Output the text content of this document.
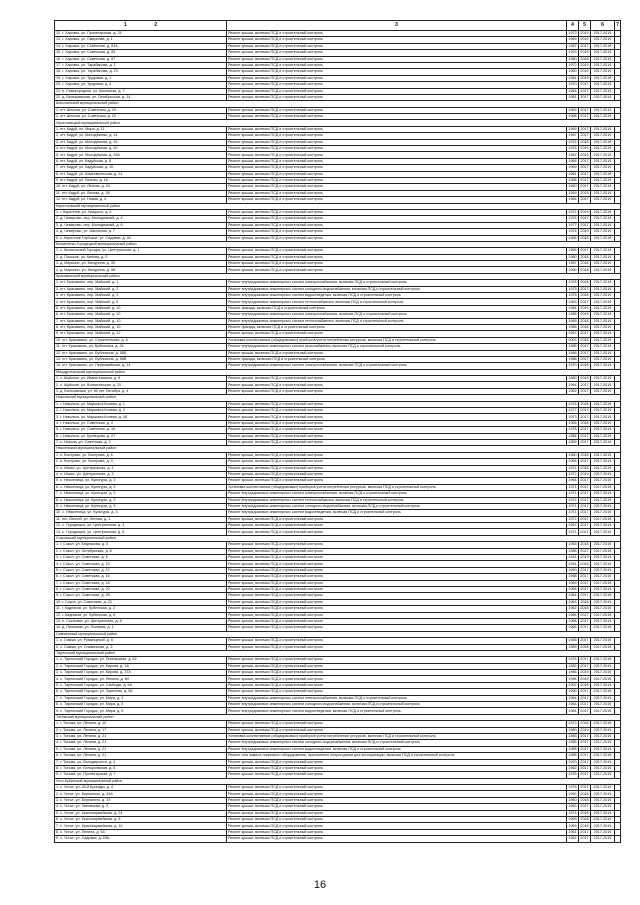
1 2	3	4	5	6	7
12. г. Харовск, ул. Пролетарская, д. 24	Ремонт крыши, включая ПСД и строительный контроль	1972	2019	2017-2019	
13. г. Харовск, ул. Смирнова, д. 1	Ремонт крыши, включая ПСД и строительный контроль	1969	2019	2017-2019	
14. г. Харовск, ул. Советская, д. 53А	Ремонт крыши, включая ПСД и строительный контроль	1987	2017	2017-2019	
15. г. Харовск, ул. Советская, д. 55	Ремонт крыши, включая ПСД и строительный контроль	1929	2019	2017-2019	
16. г. Харовск, ул. Советская, д. 57	Ремонт крыши, включая ПСД и строительный контроль	1980	2018	2017-2019	
17. г. Харовск, ул. Тарабанова, д. 1	Ремонт крыши, включая ПСД и строительный контроль	1972	2019	2017-2019	
18. г. Харовск, ул. Тарабанова, д. 23	Ремонт крыши, включая ПСД и строительный контроль	1960	2019	2017-2019	
19. г. Харовск, ул. Трудовая, д. 1	Ремонт крыши, включая ПСД и строительный контроль	1964	2019	2017-2019	
20. г. Харовск, ул. Трудовая, д. 4	Ремонт крыши, включая ПСД и строительный контроль	1970	2017	2017-2019	
21. п. Семигородняя, ул. Школьная, д. 7	Ремонт крыши, включая ПСД и строительный контроль	1964	2017	2017-2019	
22. д. Белышевская, ул. Октябрьская, д. 14	Ремонт крыши, включая ПСД и строительный контроль	1981	2017	2017-2019	
Шекснинский муниципальный район					
1. пгт. Шексна, ул. Советская, д. 19	Ремонт крыши, включая ПСД и строительный контроль	1962	2017	2017-2019	
2. пгт. Шексна, ул. Советская, д. 23	Ремонт крыши, включая ПСД и строительный контроль	1968	2017	2017-2019	
Череповецкий муниципальный район					
1. пгт. Кадуй, пл. Мира, д. 11	Ремонт крыши, включая ПСД и строительный контроль	1969	2017	2017-2019	
2. пгт. Кадуй, ул. Молодёжная, д. 14	Ремонт крыши, включая ПСД и строительный контроль	1967	2017	2017-2019	
3. пгт. Кадуй, ул. Молодёжная, д. 16	Ремонт крыши, включая ПСД и строительный контроль	1975	2018	2017-2019	
4. пгт. Кадуй, ул. Молодёжная, д. 20	Ремонт крыши, включая ПСД и строительный контроль	1975	2019	2017-2019	
5. пгт. Кадуй, ул. Молодёжная, д. 26А	Ремонт крыши, включая ПСД и строительный контроль	1982	2019	2017-2019	
6. пгт. Кадуй, ул. Кадуйская, д. 8	Ремонт крыши, включая ПСД и строительный контроль	1966	2017	2017-2019	
7. пгт. Кадуй, ул. Кадуйская, д. 10	Ремонт крыши, включая ПСД и строительный контроль	1969	2017	2017-2019	
8. пгт. Кадуй, ул. Комсомольская, д. 14	Ремонт крыши, включая ПСД и строительный контроль	1961	2017	2017-2019	
9. пгт. Кадуй, ул. Лесная, д. 18	Ремонт крыши, включая ПСД и строительный контроль	1958	2017	2017-2019	
10. пгт. Кадуй, ул. Лесная, д. 24	Ремонт крыши, включая ПСД и строительный контроль	1960	2017	2017-2019	
11. пгт. Кадуй, ул. Лесная, д. 28	Ремонт крыши, включая ПСД и строительный контроль	1959	2019	2017-2019	
12. пгт. Кадуй, ул. Новая, д. 4	Ремонт крыши, включая ПСД и строительный контроль	1964	2017	2017-2019	
Кирилловский муниципальный район					
1. г. Кириллов, ул. Урицкого, д. 5	Ремонт крыши, включая ПСД и строительный контроль	1971	2019	2017-2019	
2. д. Чемерово, пер. Молодежный, д. 4	Ремонт крыши, включая ПСД и строительный контроль	1976	2017	2017-2019	
3. д. Чемерово, пер. Молодежный, д. 6	Ремонт крыши, включая ПСД и строительный контроль	1977	2017	2017-2019	
4. д. Чемерово, ул. Школьная, д. 7	Ремонт крыши, включая ПСД и строительный контроль	1976	2019	2017-2019	
5. с. Кириллов Глубокое, ул. Садовая, д. 40	Ремонт крыши, включая ПСД и строительный контроль	1968	2018	2017-2019	
Кичменгско-Городецкий муниципальный район					
1. с. Кичменгский Городок, ул. Центральная, д. 1	Ремонт крыши, включая ПСД и строительный контроль	1965	2017	2017-2019	
2. д. Плоское, ул. Кипова, д. 2	Ремонт крыши, включая ПСД и строительный контроль	1980	2018	2017-2019	
3. д. Марьино, ул. Мичурина, д. 35	Ремонт крыши, включая ПСД и строительный контроль	1987	2018	2017-2019	
4. д. Марьино, ул. Мичурина, д. 38	Ремонт крыши, включая ПСД и строительный контроль	1990	2018	2017-2019	
Красавинский муниципальный район					
1. пгт. Красавино, пер. Майский, д. 1	Ремонт внутридомовых инженерных систем электроснабжения, включая ПСД и строительный контроль	1978	2018	2017-2019	
2. пгт. Красавино, пер. Майский, д. 2	Ремонт внутридомовых инженерных систем холодного водоснабжения, включая ПСД и строительный контроль	1975	2017	2017-2019	
3. пгт. Красавино, пер. Майский, д. 3	Ремонт внутридомовых инженерных систем водоотведения, включая ПСД и строительный контроль	1975	2018	2017-2019	
4. пгт. Красавино, пер. Майский, д. 5	Ремонт внутридомовых инженерных систем теплоснабжения, включая ПСД и строительный контроль	1983	2017	2017-2019	
5. пгт. Красавино, пер. Майский, д. 10	Ремонт фасада, включая ПСД и строительный контроль	1984	2019	2017-2019	
6. пгт. Красавино, пер. Майский, д. 10	Ремонт внутридомовых инженерных систем электроснабжения, включая ПСД и строительный контроль	1985	2019	2017-2019	
7. пгт. Красавино, пер. Майский, д. 10	Ремонт внутридомовых инженерных систем теплоснабжения, включая ПСД и строительный контроль	1985	2018	2017-2019	
8. пгт. Красавино, пер. Майский, д. 10	Ремонт фасада, включая ПСД и строительный контроль	1985	2018	2017-2019	
9. пгт. Красавино, пер. Майский, д. 12	Ремонт крыши, включая ПСД и строительный контроль	1967	2017	2017-2019	
10. пгт. Красавино, ул. Строительная, д. 6	Установка коллективных (общедомовых) приборов учета потребления ресурсов, включая ПСД и строительный контроль	2003	2018	2017-2019	
11. пгт. Красавино, ул. Бубнихина, д. 24	Ремонт внутридомовых инженерных систем газоснабжения, включая ПСД и строительный контроль	1985	2017	2017-2019	
12. пгт. Красавино, ул. Бубнихина, д. 58Б	Ремонт крыши, включая ПСД и строительный контроль	1986	2017	2017-2019	
13. пгт. Красавино, ул. Бубнихина, д. 58В	Ремонт фасада, включая ПСД и строительный контроль	1988	2017	2017-2019	
14. пгт. Красавино, ул. Первомайская, д. 14	Ремонт внутридомовых инженерных систем электроснабжения, включая ПСД и строительный контроль	1970	2018	2017-2019	
Междуреченский муниципальный район					
1. с. Шуйское, ул. Ивана Кашина, д. 6	Ремонт крыши, включая ПСД и строительный контроль	1980	2018	2017-2019	
2. с. Шуйское, ул. Вознесенская, д. 20	Ремонт крыши, включая ПСД и строительный контроль	1964	2017	2017-2019	
3. д. Бильговская, ул. 60 лет Октября, д. 4	Ремонт крыши, включая ПСД и строительный контроль	1962	2017	2017-2019	
Никольский муниципальный район					
1. г. Никольск, ул. Маршала Конева, д. 1	Ремонт крыши, включая ПСД и строительный контроль	1976	2018	2017-2019	
2. г. Никольск, ул. Маршала Конева, д. 2	Ремонт крыши, включая ПСД и строительный контроль	1977	2017	2017-2019	
3. г. Никольск, ул. Маршала Конева, д. 48	Ремонт крыши, включая ПСД и строительный контроль	1973	2017	2017-2019	
4. г. Никольск, ул. Советская, д. 2	Ремонт крыши, включая ПСД и строительный контроль	1965	2018	2017-2019	
5. г. Никольск, ул. Советская, д. 16	Ремонт крыши, включая ПСД и строительный контроль	1978	2017	2017-2019	
6. г. Никольск, ул. Кузнецова, д. 27	Ремонт крыши, включая ПСД и строительный контроль	1981	2017	2017-2019	
7. с. Никола, ул. Советская, д. 2	Ремонт крыши, включая ПСД и строительный контроль	1959	2017	2017-2019	
Нюксенский муниципальный район					
1. п. Вострово, ул. Вострова, д. 6	Ремонт крыши, включая ПСД и строительный контроль	1980	2018	2017-2019	
2. п. Вострово, ул. Вострова, д. 9	Ремонт крыши, включая ПСД и строительный контроль	1966	2017	2017-2019	
3. п. Игмас, ул. Центральная, д. 1	Ремонт крыши, включая ПСД и строительный контроль	1972	2018	2017-2019	
4. п. Игмас, ул. Центральная, д. 2	Ремонт крыши, включая ПСД и строительный контроль	1972	2019	2017-2019	
5. с. Нюксеница, ул. Культуры, д. 3	Ремонт крыши, включая ПСД и строительный контроль	1964	2017	2017-2019	
6. с. Нюксеница, ул. Культуры, д. 3	Установка коллективных (общедомовых) приборов учета потребления ресурсов, включая ПСД и строительный контроль	1971	2017	2017-2019	
7. с. Нюксеница, ул. Культуры, д. 3	Ремонт внутридомовых инженерных систем электроснабжения, включая ПСД и строительный контроль	1971	2017	2017-2019	
8. с. Нюксеница, ул. Культуры, д. 3	Ремонт внутридомовых инженерных систем теплоснабжения, включая ПСД и строительный контроль	1971	2017	2017-2019	
9. с. Нюксеница, ул. Культуры, д. 3	Ремонт внутридомовых инженерных систем холодного водоснабжения, включая ПСД и строительный контроль	1971	2017	2017-2019	
10. с. Нюксеница, ул. Культуры, д. 3	Ремонт внутридомовых инженерных систем водоотведения, включая ПСД и строительный контроль	1971	2017	2017-2019	
11. пст. Лесной, ул. Лесная, д. 1	Ремонт крыши, включая ПСД и строительный контроль	1972	2017	2017-2019	
12. с. Городищна, ул. Центральная, д. 4	Ремонт крыши, включая ПСД и строительный контроль	1967	2017	2017-2019	
13. с. Городищна, ул. Центральная, д. 6	Ремонт крыши, включая ПСД и строительный контроль	1971	2017	2017-2019	
Сокольский муниципальный район					
1. г. Сокол, ул. Беднякова, д. 5	Ремонт крыши, включая ПСД и строительный контроль	1965	2018	2017-2019	
2. г. Сокол, ул. Октябрьская, д. 6	Ремонт крыши, включая ПСД и строительный контроль	1958	2017	2017-2019	
3. г. Сокол, ул. Советская, д. 8	Ремонт крыши, включая ПСД и строительный контроль	1941	2019	2017-2019	
4. г. Сокол, ул. Советская, д. 10	Ремонт крыши, включая ПСД и строительный контроль	1941	2018	2017-2019	
5. г. Сокол, ул. Советская, д. 12	Ремонт крыши, включая ПСД и строительный контроль	1940	2017	2017-2019	
6. г. Сокол, ул. Советская, д. 16	Ремонт крыши, включая ПСД и строительный контроль	1968	2017	2017-2019	
7. г. Сокол, ул. Советская, д. 18	Ремонт крыши, включая ПСД и строительный контроль	1969	2017	2017-2019	
8. г. Сокол, ул. Советская, д. 22	Ремонт крыши, включая ПСД и строительный контроль	1966	2017	2017-2019	
9. г. Сокол, ул. Советская, д. 26	Ремонт крыши, включая ПСД и строительный контроль	1964	2017	2017-2019	
10. г. Сокол, ул. Советская, д. 32	Ремонт крыши, включая ПСД и строительный контроль	1963	2018	2017-2019	
11. г. Кадников, ул. Кубенская, д. 2	Ремонт крыши, включая ПСД и строительный контроль	1962	2018	2017-2019	
12. г. Кадников, ул. Кубенская, д. 5	Ремонт крыши, включая ПСД и строительный контроль	1965	2017	2017-2019	
13. п. Сосновка, ул. Центральная, д. 8	Ремонт крыши, включая ПСД и строительный контроль	1968	2017	2017-2019	
14. д. Пельшма, ул. Полевая, д. 1	Ремонт крыши, включая ПСД и строительный контроль	1966	2017	2017-2019	
Сямженский муниципальный район					
1. с. Сямжа, ул. Румянцевой, д. 6	Ремонт крыши, включая ПСД и строительный контроль	1985	2017	2017-2019	
2. с. Сямжа, ул. Славянская, д. 3	Ремонт крыши, включая ПСД и строительный контроль	1989	2018	2017-2019	
Тарногский муниципальный район					
1. с. Тарногский Городок, ул. Пионерская, д. 52	Ремонт крыши, включая ПСД и строительный контроль	1976	2017	2017-2019	
2. с. Тарногский Городок, ул. Кирова, д. 3А	Ремонт крыши, включая ПСД и строительный контроль	1982	2017	2017-2019	
3. с. Тарногский Городок, ул. Кирова, д. 37А	Ремонт крыши, включая ПСД и строительный контроль	1986	2019	2017-2019	
4. с. Тарногский Городок, ул. Ленина, д. 84	Ремонт крыши, включая ПСД и строительный контроль	1998	2019	2017-2019	
5. с. Тарногский Городок, ул. Свободы, д. 6А	Ремонт крыши, включая ПСД и строительный контроль	1992	2018	2017-2019	
6. с. Тарногский Городок, ул. Заречная, д. 58	Ремонт крыши, включая ПСД и строительный контроль	1990	2017	2017-2019	
7. с. Тарногский Городок, ул. Мира, д. 3	Ремонт внутридомовых инженерных систем электроснабжения, включая ПСД и строительный контроль	1964	2017	2017-2019	
8. с. Тарногский Городок, ул. Мира, д. 5	Ремонт внутридомовых инженерных систем холодного водоснабжения, включая ПСД и строительный контроль	1964	2017	2017-2019	
9. с. Тарногский Городок, ул. Мира, д. 5	Ремонт внутридомовых инженерных систем водоотведения, включая ПСД и строительный контроль	1964	2017	2017-2019	
Тотемский муниципальный район					
1. г. Тотьма, ул. Ленина, д. 10	Ремонт крыши, включая ПСД и строительный контроль	1973	2018	2017-2019	
2. г. Тотьма, ул. Ленина, д. 17	Ремонт крыши, включая ПСД и строительный контроль	1980	2019	2017-2019	
3. г. Тотьма, ул. Ленина, д. 21	Установка коллективных (общедомовых) приборов учета потребления ресурсов, включая ПСД и строительный контроль	1985	2017	2017-2019	
4. г. Тотьма, ул. Ленина, д. 21	Ремонт внутридомовых инженерных систем холодного водоснабжения, включая ПСД и строительный контроль	1985	2017	2017-2019	
5. г. Тотьма, ул. Ленина, д. 21	Ремонт внутридомовых инженерных систем водоотведения, включая ПСД и строительный контроль	1985	2017	2017-2019	
6. г. Тотьма, ул. Ленина, д. 21	Ремонт или замена лифтового оборудования, признанного непригодным для эксплуатации, включая ПСД и строительный контроль	1985	2017	2017-2019	
7. г. Тотьма, ул. Володарского, д. 4	Ремонт крыши, включая ПСД и строительный контроль	1970	2017	2017-2019	
8. г. Тотьма, ул. Белоусовская, д. 6	Ремонт крыши, включая ПСД и строительный контроль	1962	2017	2017-2019	
9. г. Тотьма, ул. Пролетарская, д. 7	Ремонт крыши, включая ПСД и строительный контроль	1976	2017	2017-2019	
Усть-Кубинский муниципальный район					
1. с. Устье, ул. 40-й Бригады, д. 4	Ремонт крыши, включая ПСД и строительный контроль	1976	2017	2017-2019	
2. с. Устье, ул. Бережного, д. 45А	Ремонт крыши, включая ПСД и строительный контроль	1962	2018	2017-2019	
3. с. Устье, ул. Бережного, д. 15	Ремонт крыши, включая ПСД и строительный контроль	1960	2018	2017-2019	
4. с. Устье, ул. Зиновьева, д. 2	Ремонт крыши, включая ПСД и строительный контроль	1963	2017	2017-2019	
5. с. Устье, ул. Красноармейская, д. 24	Ремонт крыши, включая ПСД и строительный контроль	1974	2018	2017-2019	
6. с. Устье, ул. Красноармейская, д. 8	Ремонт крыши, включая ПСД и строительный контроль	1969	2018	2017-2019	
7. с. Устье, ул. Красноармейская, д. 10	Ремонт крыши, включая ПСД и строительный контроль	1969	2018	2017-2019	
8. с. Устье, ул. Ленина, д. 54	Ремонт крыши, включая ПСД и строительный контроль	1961	2017	2017-2019	
9. с. Устье, ул. Садовая, д. 25А	Ремонт крыши, включая ПСД и строительный контроль	1962	2017	2017-2019	
16
